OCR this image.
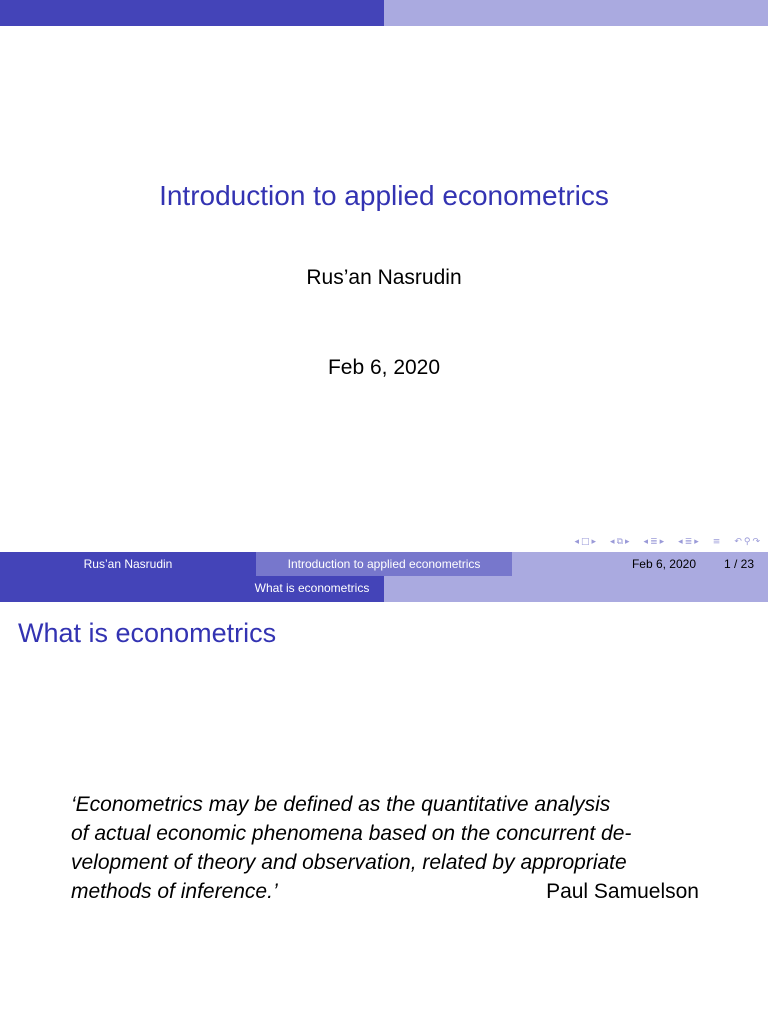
Introduction to applied econometrics
Rus’an Nasrudin
Feb 6, 2020
◂ □ ▸ ◂ ⧉ ▸ ◂ ≣ ▸ ◂ ≣ ▸ ≡ ↶ ⚲ ↷
Rus’an Nasrudin	Introduction to applied econometrics	Feb 6, 2020 1 / 23
What is econometrics
What is econometrics
‘Econometrics may be defined as the quantitative analysis
of actual economic phenomena based on the concurrent de-
velopment of theory and observation, related by appropriate
methods of inference.’	Paul Samuelson
